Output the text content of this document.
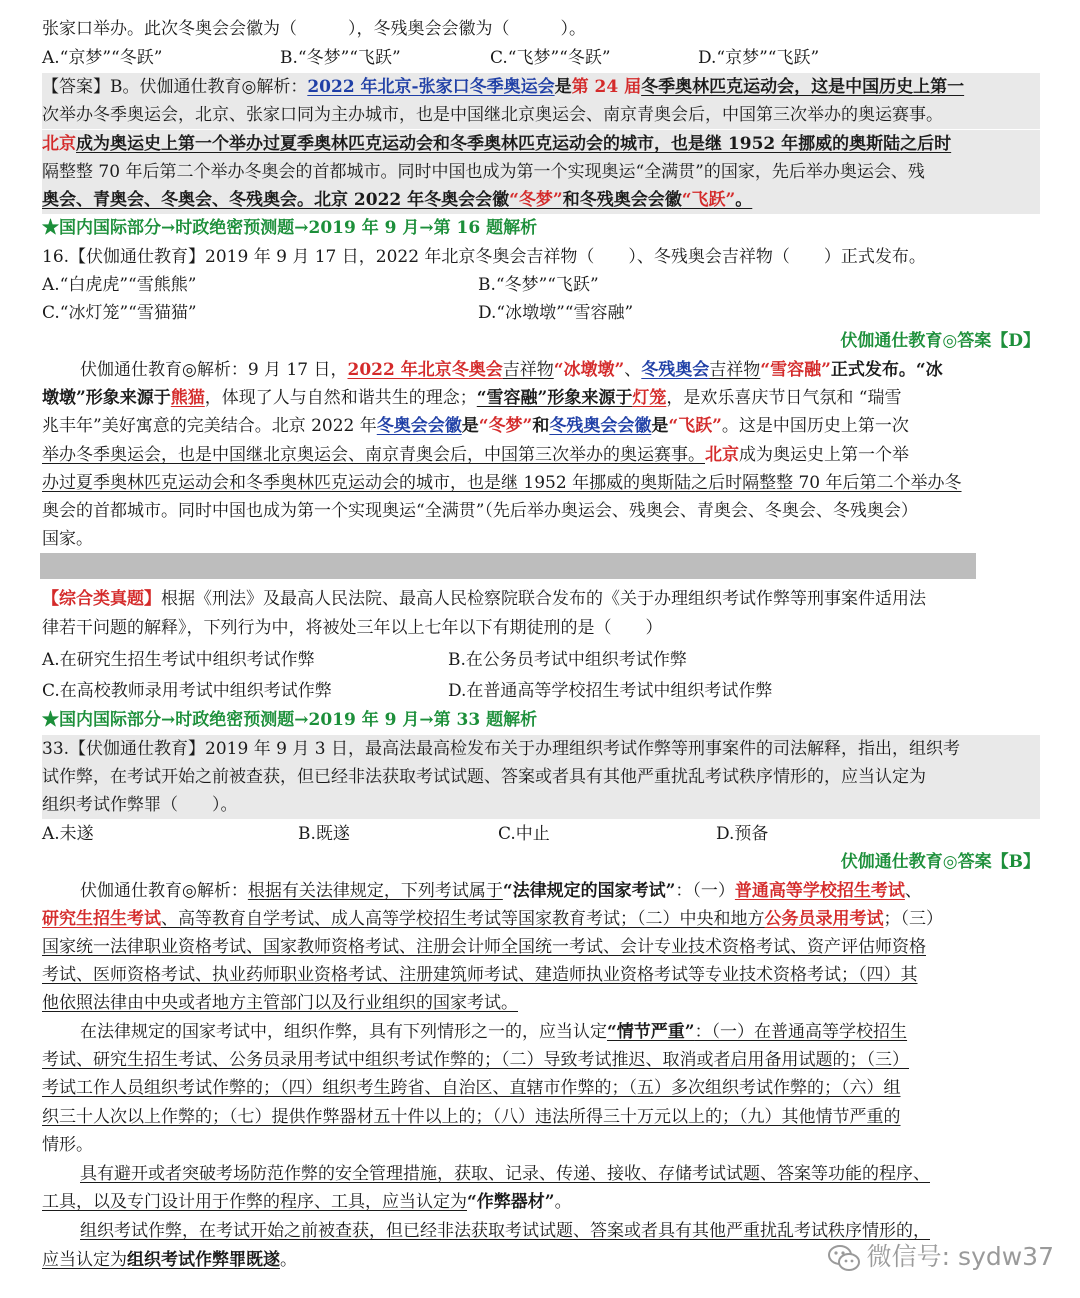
张家口举办。此次冬奥会会徽为（　　　），冬残奥会会徽为（　　　）。
A.“京梦”“冬跃”	B.“冬梦”“飞跃”	C.“飞梦”“冬跃”	D.“京梦”“飞跃”
【答案】B。伏伽通仕教育◎解析：2022 年北京-张家口冬季奥运会是第 24 届冬季奥林匹克运动会，这是中国历史上第一
次举办冬季奥运会，北京、张家口同为主办城市，也是中国继北京奥运会、南京青奥会后，中国第三次举办的奥运赛事。
北京成为奥运史上第一个举办过夏季奥林匹克运动会和冬季奥林匹克运动会的城市，也是继 1952 年挪威的奥斯陆之后时
隔整整 70 年后第二个举办冬奥会的首都城市。同时中国也成为第一个实现奥运“全满贯”的国家，先后举办奥运会、残
奥会、青奥会、冬奥会、冬残奥会。北京 2022 年冬奥会会徽“冬梦”和冬残奥会会徽“飞跃”。
★国内国际部分→时政绝密预测题→2019 年 9 月→第 16 题解析
16.【伏伽通仕教育】2019 年 9 月 17 日，2022 年北京冬奥会吉祥物（　　）、冬残奥会吉祥物（　　）正式发布。
A.“白虎虎”“雪熊熊”	B.“冬梦”“飞跃”
C.“冰灯笼”“雪猫猫”	D.“冰墩墩”“雪容融”
伏伽通仕教育◎答案【D】
伏伽通仕教育◎解析：9 月 17 日，2022 年北京冬奥会吉祥物“冰墩墩”、冬残奥会吉祥物“雪容融”正式发布。“冰
墩墩”形象来源于熊猫，体现了人与自然和谐共生的理念；“雪容融”形象来源于灯笼，是欢乐喜庆节日气氛和 “瑞雪
兆丰年”美好寓意的完美结合。北京 2022 年冬奥会会徽是“冬梦”和冬残奥会会徽是“飞跃”。这是中国历史上第一次
举办冬季奥运会，也是中国继北京奥运会、南京青奥会后，中国第三次举办的奥运赛事。北京成为奥运史上第一个举
办过夏季奥林匹克运动会和冬季奥林匹克运动会的城市，也是继 1952 年挪威的奥斯陆之后时隔整整 70 年后第二个举办冬
奥会的首都城市。同时中国也成为第一个实现奥运“全满贯”（先后举办奥运会、残奥会、青奥会、冬奥会、冬残奥会）
国家。
【综合类真题】根据《刑法》及最高人民法院、最高人民检察院联合发布的《关于办理组织考试作弊等刑事案件适用法
律若干问题的解释》，下列行为中，将被处三年以上七年以下有期徒刑的是（　　）
A.在研究生招生考试中组织考试作弊	B.在公务员考试中组织考试作弊
C.在高校教师录用考试中组织考试作弊	D.在普通高等学校招生考试中组织考试作弊
★国内国际部分→时政绝密预测题→2019 年 9 月→第 33 题解析
33.【伏伽通仕教育】2019 年 9 月 3 日，最高法最高检发布关于办理组织考试作弊等刑事案件的司法解释，指出，组织考
试作弊，在考试开始之前被查获，但已经非法获取考试试题、答案或者具有其他严重扰乱考试秩序情形的，应当认定为
组织考试作弊罪（　　）。
A.未遂	B.既遂	C.中止	D.预备
伏伽通仕教育◎答案【B】
伏伽通仕教育◎解析：根据有关法律规定，下列考试属于“法律规定的国家考试”：（一）普通高等学校招生考试、
研究生招生考试、高等教育自学考试、成人高等学校招生考试等国家教育考试；（二）中央和地方公务员录用考试；（三）
国家统一法律职业资格考试、国家教师资格考试、注册会计师全国统一考试、会计专业技术资格考试、资产评估师资格
考试、医师资格考试、执业药师职业资格考试、注册建筑师考试、建造师执业资格考试等专业技术资格考试；（四）其
他依照法律由中央或者地方主管部门以及行业组织的国家考试。
在法律规定的国家考试中，组织作弊，具有下列情形之一的，应当认定“情节严重”：（一）在普通高等学校招生
考试、研究生招生考试、公务员录用考试中组织考试作弊的；（二）导致考试推迟、取消或者启用备用试题的；（三）
考试工作人员组织考试作弊的；（四）组织考生跨省、自治区、直辖市作弊的；（五）多次组织考试作弊的；（六）组
织三十人次以上作弊的；（七）提供作弊器材五十件以上的；（八）违法所得三十万元以上的；（九）其他情节严重的
情形。
具有避开或者突破考场防范作弊的安全管理措施，获取、记录、传递、接收、存储考试试题、答案等功能的程序、
工具，以及专门设计用于作弊的程序、工具，应当认定为“作弊器材”。
组织考试作弊，在考试开始之前被查获，但已经非法获取考试试题、答案或者具有其他严重扰乱考试秩序情形的，
应当认定为组织考试作弊罪既遂。	微信号: sydw37
